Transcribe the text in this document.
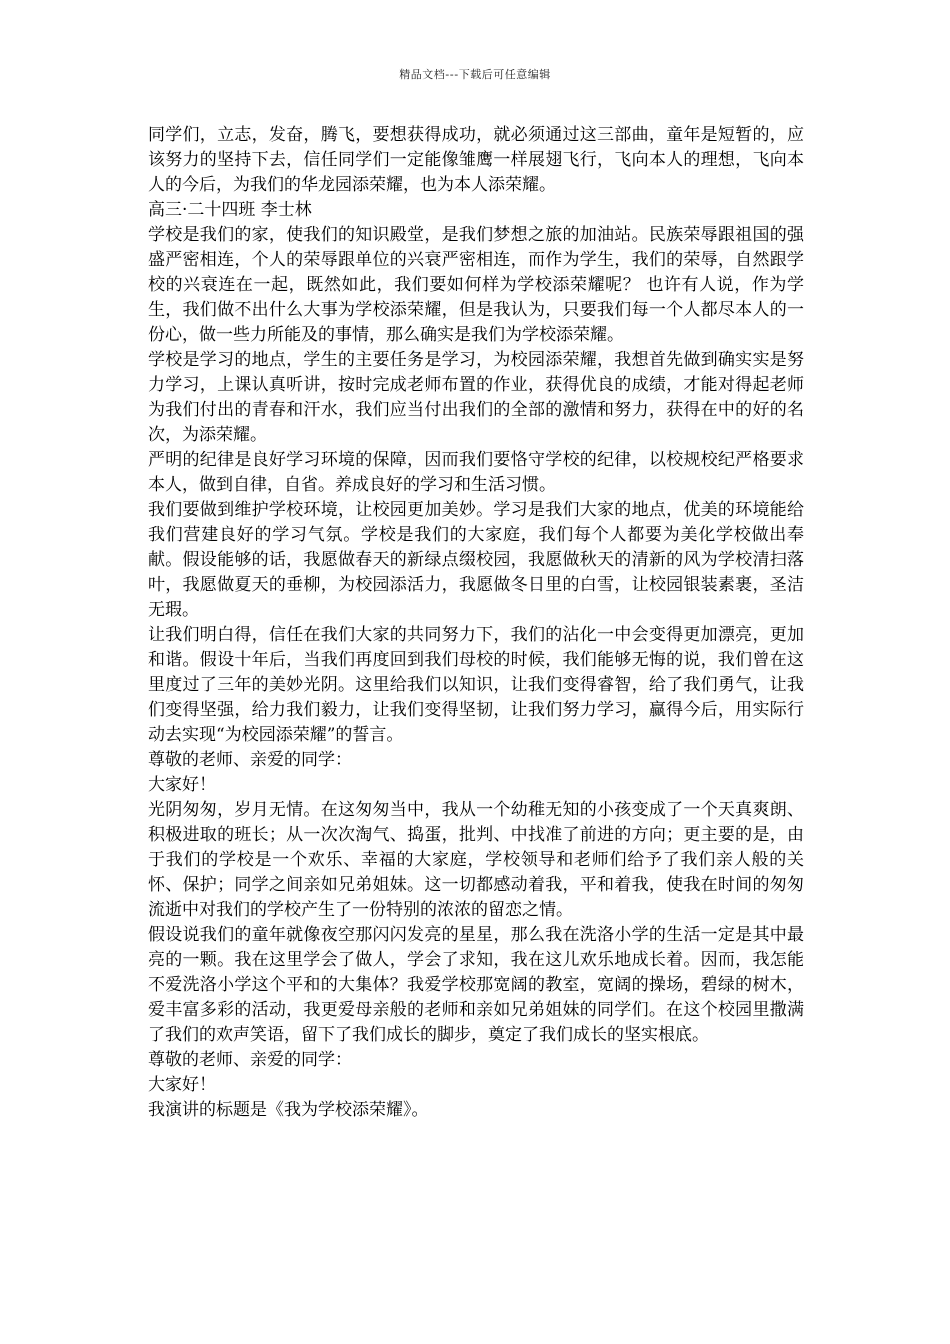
精品文档---下载后可任意编辑

同学们，立志，发奋，腾飞，要想获得成功，就必须通过这三部曲，童年是短暂的，应该努力的坚持下去，信任同学们一定能像雏鹰一样展翅飞行，飞向本人的理想，飞向本人的今后，为我们的华龙园添荣耀，也为本人添荣耀。

高三·二十四班 李士林

学校是我们的家，使我们的知识殿堂，是我们梦想之旅的加油站。民族荣辱跟祖国的强盛严密相连，个人的荣辱跟单位的兴衰严密相连，而作为学生，我们的荣辱，自然跟学校的兴衰连在一起，既然如此，我们要如何样为学校添荣耀呢？ 也许有人说，作为学生，我们做不出什么大事为学校添荣耀，但是我认为，只要我们每一个人都尽本人的一份心，做一些力所能及的事情，那么确实是我们为学校添荣耀。

学校是学习的地点，学生的主要任务是学习，为校园添荣耀，我想首先做到确实实是努力学习，上课认真听讲，按时完成老师布置的作业，获得优良的成绩，才能对得起老师为我们付出的青春和汗水，我们应当付出我们的全部的激情和努力，获得在中的好的名次，为添荣耀。

严明的纪律是良好学习环境的保障，因而我们要恪守学校的纪律，以校规校纪严格要求本人，做到自律，自省。养成良好的学习和生活习惯。

我们要做到维护学校环境，让校园更加美妙。学习是我们大家的地点，优美的环境能给我们营建良好的学习气氛。学校是我们的大家庭，我们每个人都要为美化学校做出奉献。假设能够的话，我愿做春天的新绿点缀校园，我愿做秋天的清新的风为学校清扫落叶，我愿做夏天的垂柳，为校园添活力，我愿做冬日里的白雪，让校园银装素裹，圣洁无瑕。

让我们明白得，信任在我们大家的共同努力下，我们的沾化一中会变得更加漂亮，更加和谐。假设十年后，当我们再度回到我们母校的时候，我们能够无悔的说，我们曾在这里度过了三年的美妙光阴。这里给我们以知识，让我们变得睿智，给了我们勇气，让我们变得坚强，给力我们毅力，让我们变得坚韧，让我们努力学习，赢得今后，用实际行动去实现“为校园添荣耀”的誓言。

尊敬的老师、亲爱的同学：

大家好！

光阴匆匆，岁月无情。在这匆匆当中，我从一个幼稚无知的小孩变成了一个天真爽朗、积极进取的班长；从一次次淘气、捣蛋，批判、中找准了前进的方向；更主要的是，由于我们的学校是一个欢乐、幸福的大家庭，学校领导和老师们给予了我们亲人般的关怀、保护；同学之间亲如兄弟姐妹。这一切都感动着我，平和着我，使我在时间的匆匆流逝中对我们的学校产生了一份特别的浓浓的留恋之情。

假设说我们的童年就像夜空那闪闪发亮的星星，那么我在洗洛小学的生活一定是其中最亮的一颗。我在这里学会了做人，学会了求知，我在这儿欢乐地成长着。因而，我怎能不爱洗洛小学这个平和的大集体？我爱学校那宽阔的教室，宽阔的操场，碧绿的树木，爱丰富多彩的活动，我更爱母亲般的老师和亲如兄弟姐妹的同学们。在这个校园里撒满了我们的欢声笑语，留下了我们成长的脚步，奠定了我们成长的坚实根底。

尊敬的老师、亲爱的同学：

大家好！

我演讲的标题是《我为学校添荣耀》。
